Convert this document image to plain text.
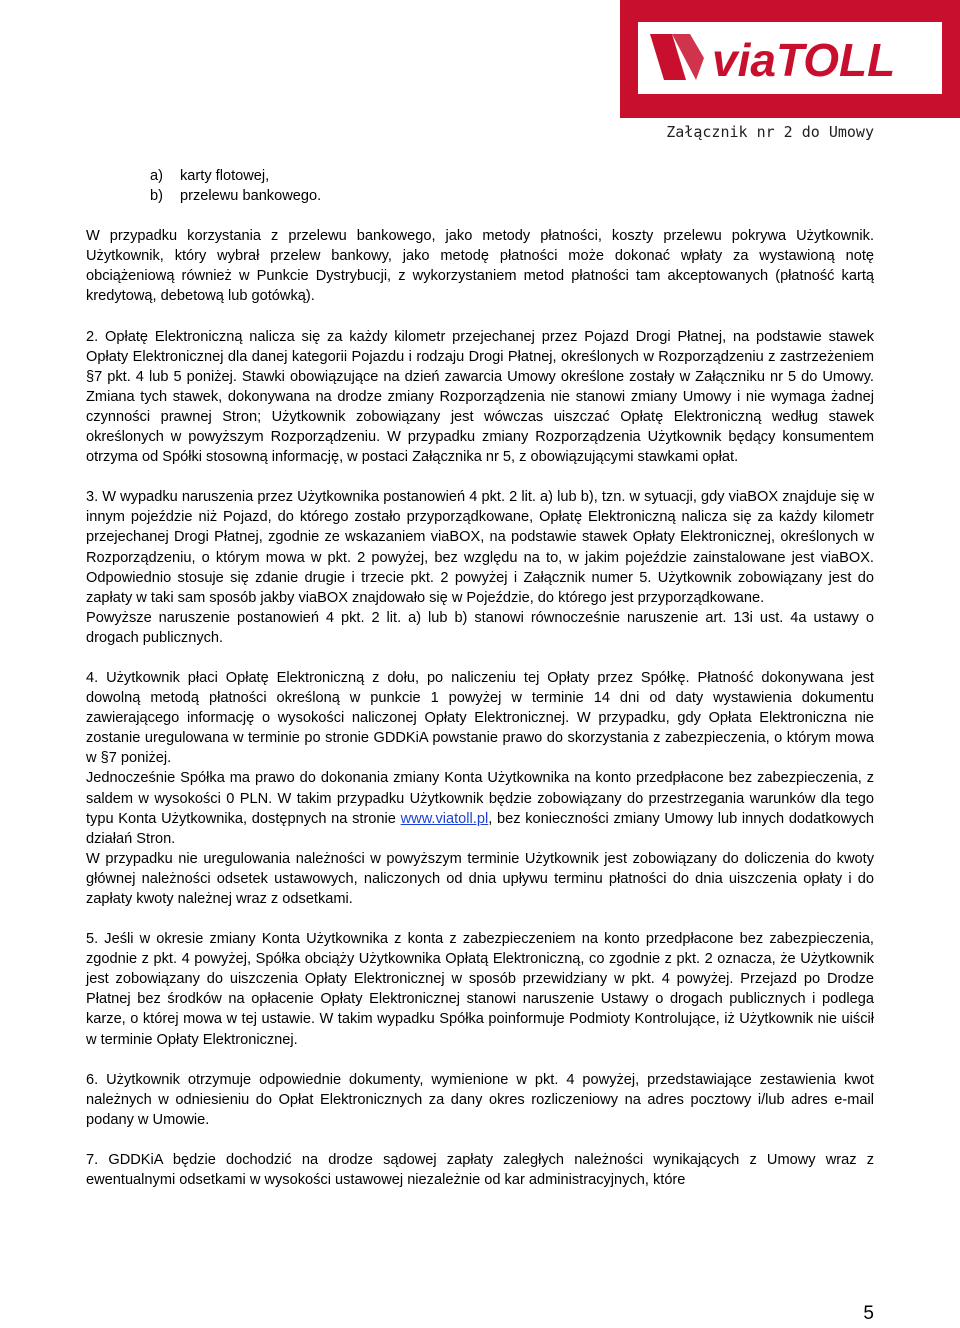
viaTOLL
Załącznik nr 2 do Umowy
a) karty flotowej,
b) przelewu bankowego.

W przypadku korzystania z przelewu bankowego, jako metody płatności, koszty przelewu pokrywa Użytkownik. Użytkownik, który wybrał przelew bankowy, jako metodę płatności może dokonać wpłaty za wystawioną notę obciążeniową również w Punkcie Dystrybucji, z wykorzystaniem metod płatności tam akceptowanych (płatność kartą kredytową, debetową lub gotówką).

2. Opłatę Elektroniczną nalicza się za każdy kilometr przejechanej przez Pojazd Drogi Płatnej, na podstawie stawek Opłaty Elektronicznej dla danej kategorii Pojazdu i rodzaju Drogi Płatnej, określonych w Rozporządzeniu z zastrzeżeniem §7 pkt. 4 lub 5 poniżej. Stawki obowiązujące na dzień zawarcia Umowy określone zostały w Załączniku nr 5 do Umowy. Zmiana tych stawek, dokonywana na drodze zmiany Rozporządzenia nie stanowi zmiany Umowy i nie wymaga żadnej czynności prawnej Stron; Użytkownik zobowiązany jest wówczas uiszczać Opłatę Elektroniczną według stawek określonych w powyższym Rozporządzeniu. W przypadku zmiany Rozporządzenia Użytkownik będący konsumentem otrzyma od Spółki stosowną informację, w postaci Załącznika nr 5, z obowiązującymi stawkami opłat.

3. W wypadku naruszenia przez Użytkownika postanowień 4 pkt. 2 lit. a) lub b), tzn. w sytuacji, gdy viaBOX znajduje się w innym pojeździe niż Pojazd, do którego zostało przyporządkowane, Opłatę Elektroniczną nalicza się za każdy kilometr przejechanej Drogi Płatnej, zgodnie ze wskazaniem viaBOX, na podstawie stawek Opłaty Elektronicznej, określonych w Rozporządzeniu, o którym mowa w pkt. 2 powyżej, bez względu na to, w jakim pojeździe zainstalowane jest viaBOX. Odpowiednio stosuje się zdanie drugie i trzecie pkt. 2 powyżej i Załącznik numer 5. Użytkownik zobowiązany jest do zapłaty w taki sam sposób jakby viaBOX znajdowało się w Pojeździe, do którego jest przyporządkowane.

Powyższe naruszenie postanowień 4 pkt. 2 lit. a) lub b) stanowi równocześnie naruszenie art. 13i ust. 4a ustawy o drogach publicznych.

4. Użytkownik płaci Opłatę Elektroniczną z dołu, po naliczeniu tej Opłaty przez Spółkę. Płatność dokonywana jest dowolną metodą płatności określoną w punkcie 1 powyżej w terminie 14 dni od daty wystawienia dokumentu zawierającego informację o wysokości naliczonej Opłaty Elektronicznej. W przypadku, gdy Opłata Elektroniczna nie zostanie uregulowana w terminie po stronie GDDKiA powstanie prawo do skorzystania z zabezpieczenia, o którym mowa w §7 poniżej.

Jednocześnie Spółka ma prawo do dokonania zmiany Konta Użytkownika na konto przedpłacone bez zabezpieczenia, z saldem w wysokości 0 PLN. W takim przypadku Użytkownik będzie zobowiązany do przestrzegania warunków dla tego typu Konta Użytkownika, dostępnych na stronie www.viatoll.pl, bez konieczności zmiany Umowy lub innych dodatkowych działań Stron.

W przypadku nie uregulowania należności w powyższym terminie Użytkownik jest zobowiązany do doliczenia do kwoty głównej należności odsetek ustawowych, naliczonych od dnia upływu terminu płatności do dnia uiszczenia opłaty i do zapłaty kwoty należnej wraz z odsetkami.

5. Jeśli w okresie zmiany Konta Użytkownika z konta z zabezpieczeniem na konto przedpłacone bez zabezpieczenia, zgodnie z pkt. 4 powyżej, Spółka obciąży Użytkownika Opłatą Elektroniczną, co zgodnie z pkt. 2 oznacza, że Użytkownik jest zobowiązany do uiszczenia Opłaty Elektronicznej w sposób przewidziany w pkt. 4 powyżej. Przejazd po Drodze Płatnej bez środków na opłacenie Opłaty Elektronicznej stanowi naruszenie Ustawy o drogach publicznych i podlega karze, o której mowa w tej ustawie. W takim wypadku Spółka poinformuje Podmioty Kontrolujące, iż Użytkownik nie uiścił w terminie Opłaty Elektronicznej.

6. Użytkownik otrzymuje odpowiednie dokumenty, wymienione w pkt. 4 powyżej, przedstawiające zestawienia kwot należnych w odniesieniu do Opłat Elektronicznych za dany okres rozliczeniowy na adres pocztowy i/lub adres e-mail podany w Umowie.

7. GDDKiA będzie dochodzić na drodze sądowej zapłaty zaległych należności wynikających z Umowy wraz z ewentualnymi odsetkami w wysokości ustawowej niezależnie od kar administracyjnych, które

5
